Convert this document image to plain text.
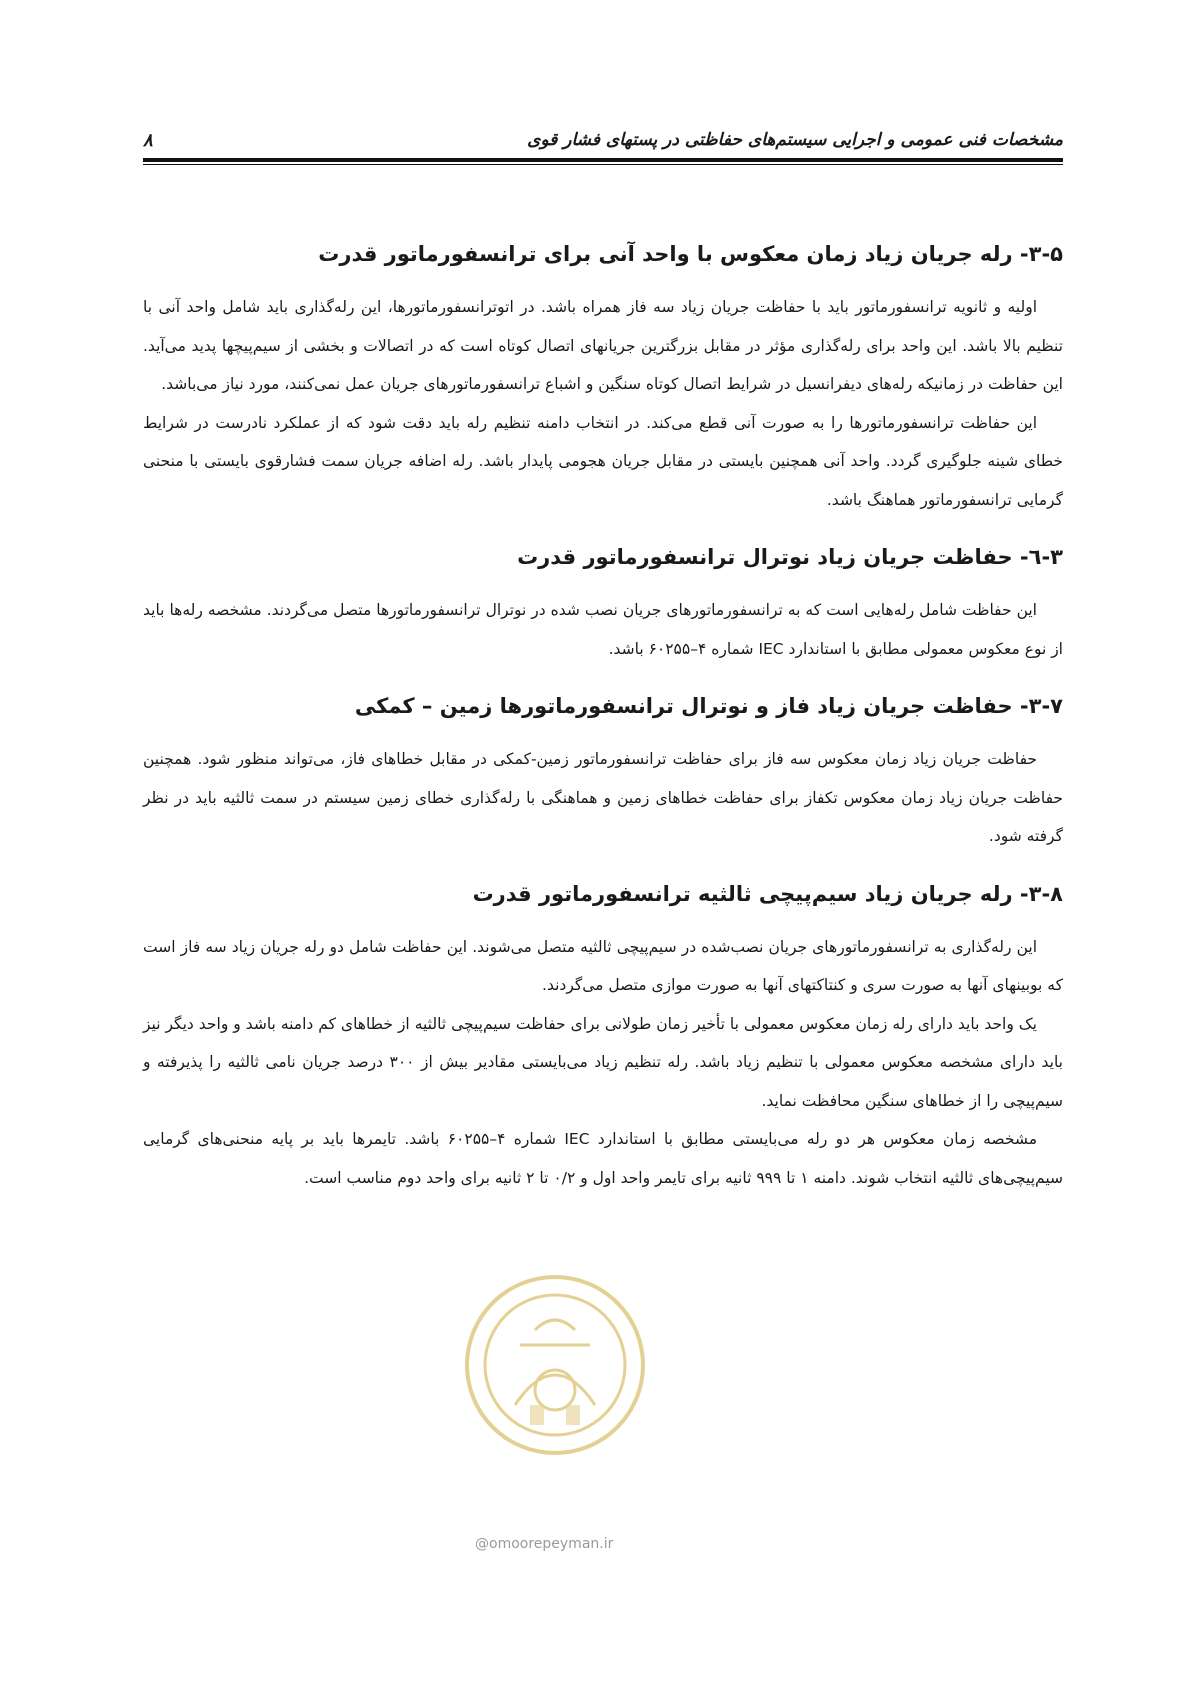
مشخصات فنی عمومی و اجرایی سیستم‌های حفاظتی در پستهای فشار قوی
۸
۳-۵- رله جریان زیاد زمان معکوس با واحد آنی برای ترانسفورماتور قدرت

اولیه و ثانویه ترانسفورماتور باید با حفاظت جریان زیاد سه فاز همراه باشد. در اتوترانسفورماتورها، این رله‌گذاری باید شامل واحد آنی با تنظیم بالا باشد. این واحد برای رله‌گذاری مؤثر در مقابل بزرگترین جریانهای اتصال کوتاه است که در اتصالات و بخشی از سیم‌پیچها پدید می‌آید. این حفاظت در زمانیکه رله‌های دیفرانسیل در شرایط اتصال کوتاه سنگین و اشباع ترانسفورماتورهای جریان عمل نمی‌کنند، مورد نیاز می‌باشد.

این حفاظت ترانسفورماتورها را به صورت آنی قطع می‌کند. در انتخاب دامنه تنظیم رله باید دقت شود که از عملکرد نادرست در شرایط خطای شینه جلوگیری گردد. واحد آنی همچنین بایستی در مقابل جریان هجومی پایدار باشد. رله اضافه جریان سمت فشارقوی بایستی با منحنی گرمایی ترانسفورماتور هماهنگ باشد.

۳-٦- حفاظت جریان زیاد نوترال ترانسفورماتور قدرت

این حفاظت شامل رله‌هایی است که به ترانسفورماتورهای جریان نصب شده در نوترال ترانسفورماتورها متصل می‌گردند. مشخصه رله‌ها باید از نوع معکوس معمولی مطابق با استاندارد IEC شماره ۴–۶۰۲۵۵ باشد.

۳-۷- حفاظت جریان زیاد فاز و نوترال ترانسفورماتورها زمین – کمکی

حفاظت جریان زیاد زمان معکوس سه فاز برای حفاظت ترانسفورماتور زمین-کمکی در مقابل خطاهای فاز، می‌تواند منظور شود. همچنین حفاظت جریان زیاد زمان معکوس تکفاز برای حفاظت خطاهای زمین و هماهنگی با رله‌گذاری خطای زمین سیستم در سمت ثالثیه باید در نظر گرفته شود.

۳-۸- رله جریان زیاد سیم‌پیچی ثالثیه ترانسفورماتور قدرت

این رله‌گذاری به ترانسفورماتورهای جریان نصب‌شده در سیم‌پیچی ثالثیه متصل می‌شوند. این حفاظت شامل دو رله جریان زیاد سه فاز است که بوبینهای آنها به صورت سری و کنتاکتهای آنها به صورت موازی متصل می‌گردند.

یک واحد باید دارای رله زمان معکوس معمولی با تأخیر زمان طولانی برای حفاظت سیم‌پیچی ثالثیه از خطاهای کم دامنه باشد و واحد دیگر نیز باید دارای مشخصه معکوس معمولی با تنظیم زیاد باشد. رله تنظیم زیاد می‌بایستی مقادیر بیش از ۳۰۰ درصد جریان نامی ثالثیه را پذیرفته و سیم‌پیچی را از خطاهای سنگین محافظت نماید.

مشخصه زمان معکوس هر دو رله می‌بایستی مطابق با استاندارد IEC شماره ۴–۶۰۲۵۵ باشد. تایمرها باید بر پایه منحنی‌های گرمایی سیم‌پیچی‌های ثالثیه انتخاب شوند. دامنه ۱ تا ۹۹۹ ثانیه برای تایمر واحد اول و ۰/۲ تا ۲ ثانیه برای واحد دوم مناسب است.

@omoorepeyman.ir
